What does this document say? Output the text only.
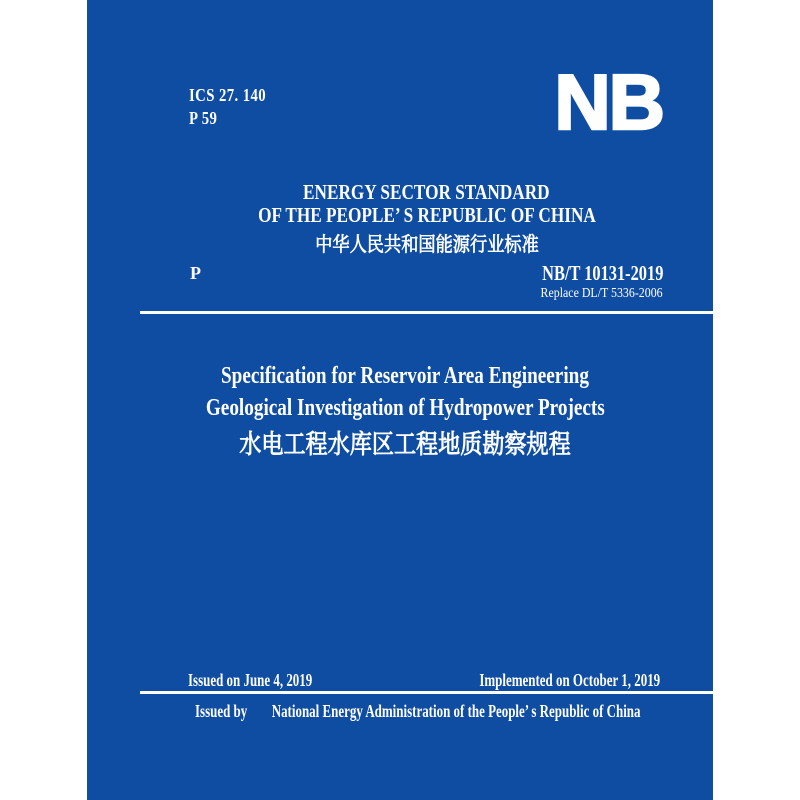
ICS 27. 140
P 59	NB
ENERGY SECTOR STANDARD
OF THE PEOPLE’ S REPUBLIC OF CHINA
中华人民共和国能源行业标准
P	NB/T 10131-2019
Replace DL/T 5336-2006
Specification for Reservoir Area Engineering
Geological Investigation of Hydropower Projects
水电工程水库区工程地质勘察规程
Issued on June 4, 2019	Implemented on October 1, 2019
Issued by National Energy Administration of the People’ s Republic of China
